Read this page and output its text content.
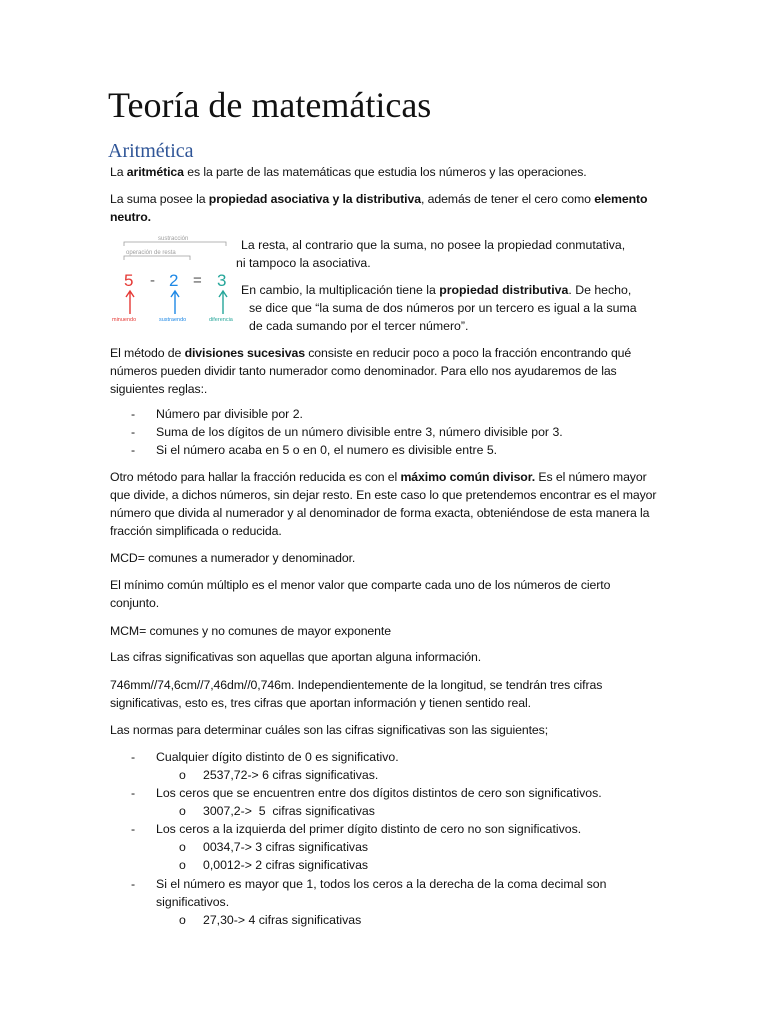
Teoría de matemáticas
Aritmética

La aritmética es la parte de las matemáticas que estudia los números y las operaciones.

La suma posee la propiedad asociativa y la distributiva, además de tener el cero como elemento neutro.

sustracción
operación de resta
5 - 2 = 3
minuendo	sustraendo	diferencia

La resta, al contrario que la suma, no posee la propiedad conmutativa,

ni tampoco la asociativa.

En cambio, la multiplicación tiene la propiedad distributiva. De hecho,

se dice que “la suma de dos números por un tercero es igual a la suma

de cada sumando por el tercer número”.

El método de divisiones sucesivas consiste en reducir poco a poco la fracción encontrando qué números pueden dividir tanto numerador como denominador. Para ello nos ayudaremos de las siguientes reglas:.

- Número par divisible por 2.

- Suma de los dígitos de un número divisible entre 3, número divisible por 3.

- Si el número acaba en 5 o en 0, el numero es divisible entre 5.

Otro método para hallar la fracción reducida es con el máximo común divisor. Es el número mayor que divide, a dichos números, sin dejar resto. En este caso lo que pretendemos encontrar es el mayor número que divida al numerador y al denominador de forma exacta, obteniéndose de esta manera la fracción simplificada o reducida.

MCD= comunes a numerador y denominador.

El mínimo común múltiplo es el menor valor que comparte cada uno de los números de cierto conjunto.

MCM= comunes y no comunes de mayor exponente

Las cifras significativas son aquellas que aportan alguna información.

746mm//74,6cm//7,46dm//0,746m. Independientemente de la longitud, se tendrán tres cifras significativas, esto es, tres cifras que aportan información y tienen sentido real.

Las normas para determinar cuáles son las cifras significativas son las siguientes;

- Cualquier dígito distinto de 0 es significativo.

o 2537,72-> 6 cifras significativas.

- Los ceros que se encuentren entre dos dígitos distintos de cero son significativos.

o 3007,2->  5  cifras significativas

- Los ceros a la izquierda del primer dígito distinto de cero no son significativos.

o 0034,7-> 3 cifras significativas

o 0,0012-> 2 cifras significativas

- Si el número es mayor que 1, todos los ceros a la derecha de la coma decimal son

significativos.

o 27,30-> 4 cifras significativas
